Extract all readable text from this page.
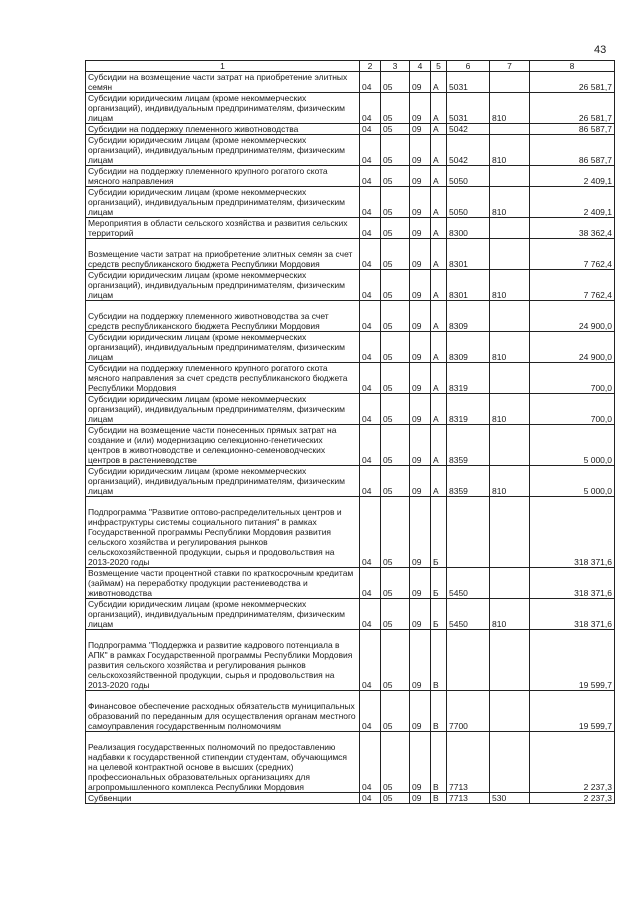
43
1	2	3	4	5	6	7	8
Субсидии на возмещение части затрат на приобретение элитных семян	04	05	09	А	5031		26 581,7
Субсидии юридическим лицам (кроме некоммерческих организаций), индивидуальным предпринимателям, физическим лицам	04	05	09	А	5031	810	26 581,7
Субсидии на поддержку племенного животноводства	04	05	09	А	5042		86 587,7
Субсидии юридическим лицам (кроме некоммерческих организаций), индивидуальным предпринимателям, физическим лицам	04	05	09	А	5042	810	86 587,7
Субсидии на поддержку племенного крупного рогатого скота мясного направления	04	05	09	А	5050		2 409,1
Субсидии юридическим лицам (кроме некоммерческих организаций), индивидуальным предпринимателям, физическим лицам	04	05	09	А	5050	810	2 409,1
Мероприятия в области сельского хозяйства и развития сельских территорий	04	05	09	А	8300		38 362,4
Возмещение части затрат на приобретение элитных семян за счет средств республиканского бюджета Республики Мордовия	04	05	09	А	8301		7 762,4
Субсидии юридическим лицам (кроме некоммерческих организаций), индивидуальным предпринимателям, физическим лицам	04	05	09	А	8301	810	7 762,4
Субсидии на поддержку племенного животноводства за счет средств республиканского бюджета Республики Мордовия	04	05	09	А	8309		24 900,0
Субсидии юридическим лицам (кроме некоммерческих организаций), индивидуальным предпринимателям, физическим лицам	04	05	09	А	8309	810	24 900,0
Субсидии на поддержку племенного крупного рогатого скота мясного направления за счет средств республиканского бюджета Республики Мордовия	04	05	09	А	8319		700,0
Субсидии юридическим лицам (кроме некоммерческих организаций), индивидуальным предпринимателям, физическим лицам	04	05	09	А	8319	810	700,0
Субсидии на возмещение части понесенных прямых затрат на создание и (или) модернизацию селекционно-генетических центров в животноводстве и селекционно-семеноводческих центров в растениеводстве	04	05	09	А	8359		5 000,0
Субсидии юридическим лицам (кроме некоммерческих организаций), индивидуальным предпринимателям, физическим лицам	04	05	09	А	8359	810	5 000,0
Подпрограмма "Развитие оптово-распределительных центров и инфраструктуры системы социального питания" в рамках Государственной программы Республики Мордовия развития сельского хозяйства и регулирования рынков сельскохозяйственной продукции, сырья и продовольствия на 2013-2020 годы	04	05	09	Б			318 371,6
Возмещение части процентной ставки по краткосрочным кредитам (займам) на переработку продукции растениеводства и животноводства	04	05	09	Б	5450		318 371,6
Субсидии юридическим лицам (кроме некоммерческих организаций), индивидуальным предпринимателям, физическим лицам	04	05	09	Б	5450	810	318 371,6
Подпрограмма "Поддержка и развитие кадрового потенциала в АПК" в рамках Государственной программы Республики Мордовия развития сельского хозяйства и регулирования рынков сельскохозяйственной продукции, сырья и продовольствия на 2013-2020 годы	04	05	09	В			19 599,7
Финансовое обеспечение расходных обязательств муниципальных образований по переданным для осуществления органам местного самоуправления государственным полномочиям	04	05	09	В	7700		19 599,7
Реализация государственных полномочий по предоставлению надбавки к государственной стипендии студентам, обучающимся на целевой контрактной основе в высших (средних) профессиональных образовательных организациях для агропромышленного комплекса Республики Мордовия	04	05	09	В	7713		2 237,3
Субвенции	04	05	09	В	7713	530	2 237,3
